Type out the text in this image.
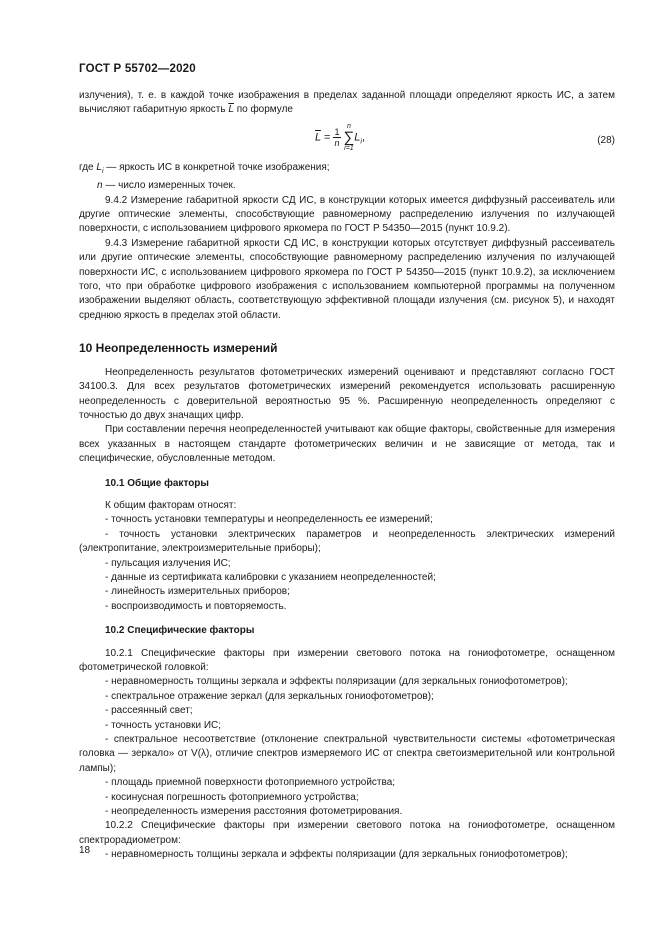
ГОСТ Р 55702—2020

излучения), т. е. в каждой точке изображения в пределах заданной площади определяют яркость ИС, а затем вычисляют габаритную яркость $\overline{L}$ по формуле

$\overline{L} = \frac{1}{n}$
n
∑
$i=1L_i$,	(28)

где $L_i$ — яркость ИС в конкретной точке изображения;

n — число измеренных точек.

9.4.2 Измерение габаритной яркости СД ИС, в конструкции которых имеется диффузный рассеиватель или другие оптические элементы, способствующие равномерному распределению излучения по излучающей поверхности, с использованием цифрового яркомера по ГОСТ Р 54350—2015 (пункт 10.9.2).

9.4.3 Измерение габаритной яркости СД ИС, в конструкции которых отсутствует диффузный рассеиватель или другие оптические элементы, способствующие равномерному распределению излучения по излучающей поверхности ИС, с использованием цифрового яркомера по ГОСТ Р 54350—2015 (пункт 10.9.2), за исключением того, что при обработке цифрового изображения с использованием компьютерной программы на полученном изображении выделяют область, соответствующую эффективной площади излучения (см. рисунок 5), и находят среднюю яркость в пределах этой области.

10 Неопределенность измерений

Неопределенность результатов фотометрических измерений оценивают и представляют согласно ГОСТ 34100.3. Для всех результатов фотометрических измерений рекомендуется использовать расширенную неопределенность с доверительной вероятностью 95 %. Расширенную неопределенность определяют с точностью до двух значащих цифр.

При составлении перечня неопределенностей учитывают как общие факторы, свойственные для измерения всех указанных в настоящем стандарте фотометрических величин и не зависящие от метода, так и специфические, обусловленные методом.

10.1 Общие факторы

К общим факторам относят:

- точность установки температуры и неопределенность ее измерений;

- точность установки электрических параметров и неопределенность электрических измерений (электропитание, электроизмерительные приборы);

- пульсация излучения ИС;

- данные из сертификата калибровки с указанием неопределенностей;

- линейность измерительных приборов;

- воспроизводимость и повторяемость.

10.2 Специфические факторы

10.2.1 Специфические факторы при измерении светового потока на гониофотометре, оснащенном фотометрической головкой:

- неравномерность толщины зеркала и эффекты поляризации (для зеркальных гониофотометров);

- спектральное отражение зеркал (для зеркальных гониофотометров);

- рассеянный свет;

- точность установки ИС;

- спектральное несоответствие (отклонение спектральной чувствительности системы «фотометрическая головка — зеркало» от V(λ), отличие спектров измеряемого ИС от спектра светоизмерительной или контрольной лампы);

- площадь приемной поверхности фотоприемного устройства;

- косинусная погрешность фотоприемного устройства;

- неопределенность измерения расстояния фотометрирования.

10.2.2 Специфические факторы при измерении светового потока на гониофотометре, оснащенном спектрорадиометром:

- неравномерность толщины зеркала и эффекты поляризации (для зеркальных гониофотометров);

18
